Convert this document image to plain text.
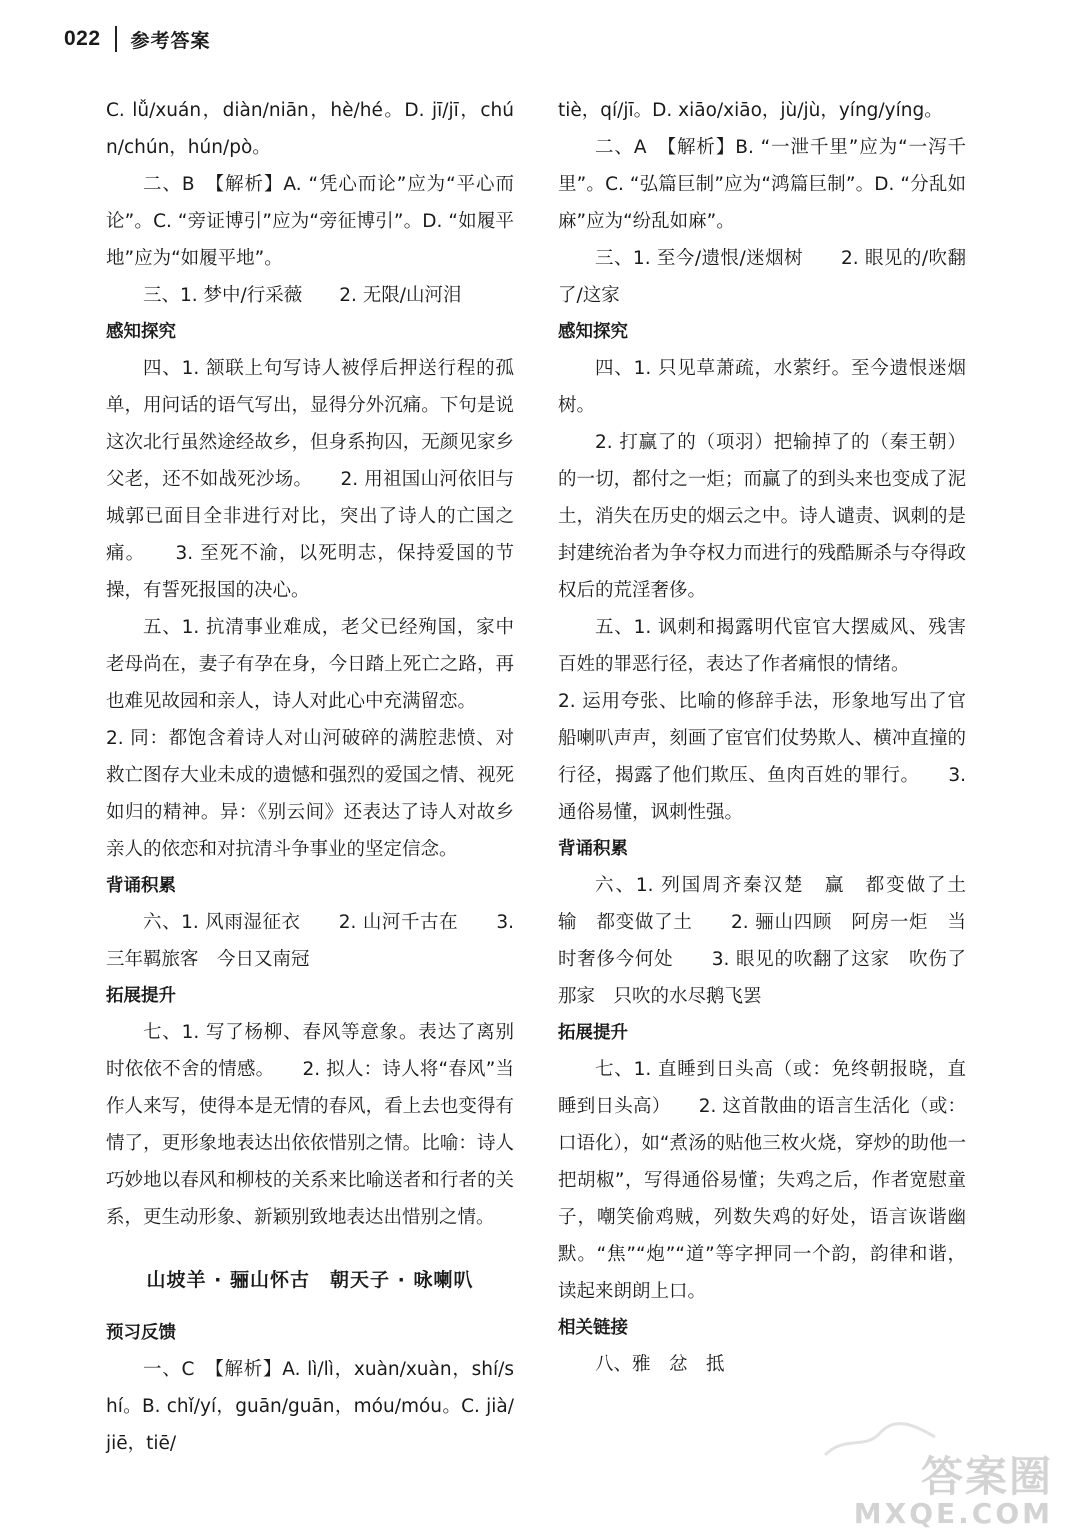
022 参考答案

C. lǚ/xuán，diàn/niān，hè/hé。D. jī/jī，chún/chún，hún/pò。

二、B　【解析】A. “凭心而论”应为“平心而论”。C. “旁证博引”应为“旁征博引”。D. “如履平地”应为“如履平地”。

三、1. 梦中/行采薇　　2. 无限/山河泪

感知探究

四、1. 颔联上句写诗人被俘后押送行程的孤单，用问话的语气写出，显得分外沉痛。下句是说这次北行虽然途经故乡，但身系拘囚，无颜见家乡父老，还不如战死沙场。　　2. 用祖国山河依旧与城郭已面目全非进行对比，突出了诗人的亡国之痛。　　3. 至死不渝，以死明志，保持爱国的节操，有誓死报国的决心。

五、1. 抗清事业难成，老父已经殉国，家中老母尚在，妻子有孕在身，今日踏上死亡之路，再也难见故园和亲人，诗人对此心中充满留恋。

2. 同：都饱含着诗人对山河破碎的满腔悲愤、对救亡图存大业未成的遗憾和强烈的爱国之情、视死如归的精神。异：《别云间》还表达了诗人对故乡亲人的依恋和对抗清斗争事业的坚定信念。

背诵积累

六、1. 风雨湿征衣　　2. 山河千古在　　3. 三年羁旅客　今日又南冠

拓展提升

七、1. 写了杨柳、春风等意象。表达了离别时依依不舍的情感。　　2. 拟人：诗人将“春风”当作人来写，使得本是无情的春风，看上去也变得有情了，更形象地表达出依依惜别之情。比喻：诗人巧妙地以春风和柳枝的关系来比喻送者和行者的关系，更生动形象、新颖别致地表达出惜别之情。

山坡羊 · 骊山怀古　朝天子 · 咏喇叭

预习反馈

一、C　【解析】A. lì/lì，xuàn/xuàn，shí/shí。B. chǐ/yí，guān/guān，móu/móu。C. jià/jiē，tiē/

tiè，qí/jī。D. xiāo/xiāo，jù/jù，yíng/yíng。

二、A　【解析】B. “一泄千里”应为“一泻千里”。C. “弘篇巨制”应为“鸿篇巨制”。D. “分乱如麻”应为“纷乱如麻”。

三、1. 至今/遗恨/迷烟树　　2. 眼见的/吹翻了/这家

感知探究

四、1. 只见草萧疏，水萦纡。至今遗恨迷烟树。

2. 打赢了的（项羽）把输掉了的（秦王朝）的一切，都付之一炬；而赢了的到头来也变成了泥土，消失在历史的烟云之中。诗人谴责、讽刺的是封建统治者为争夺权力而进行的残酷厮杀与夺得政权后的荒淫奢侈。

五、1. 讽刺和揭露明代宦官大摆威风、残害百姓的罪恶行径，表达了作者痛恨的情绪。

2. 运用夸张、比喻的修辞手法，形象地写出了官船喇叭声声，刻画了宦官们仗势欺人、横冲直撞的行径，揭露了他们欺压、鱼肉百姓的罪行。　　3. 通俗易懂，讽刺性强。

背诵积累

六、1. 列国周齐秦汉楚　赢　都变做了土　输　都变做了土　　2. 骊山四顾　阿房一炬　当时奢侈今何处　　3. 眼见的吹翻了这家　吹伤了那家　只吹的水尽鹅飞罢

拓展提升

七、1. 直睡到日头高（或：免终朝报晓，直睡到日头高）　　2. 这首散曲的语言生活化（或：口语化），如“煮汤的贴他三枚火烧，穿炒的助他一把胡椒”，写得通俗易懂；失鸡之后，作者宽慰童子，嘲笑偷鸡贼，列数失鸡的好处，语言诙谐幽默。“焦”“炮”“道”等字押同一个韵，韵律和谐，读起来朗朗上口。

相关链接

八、雅　忿　抵

答案圈
MXQE.COM
